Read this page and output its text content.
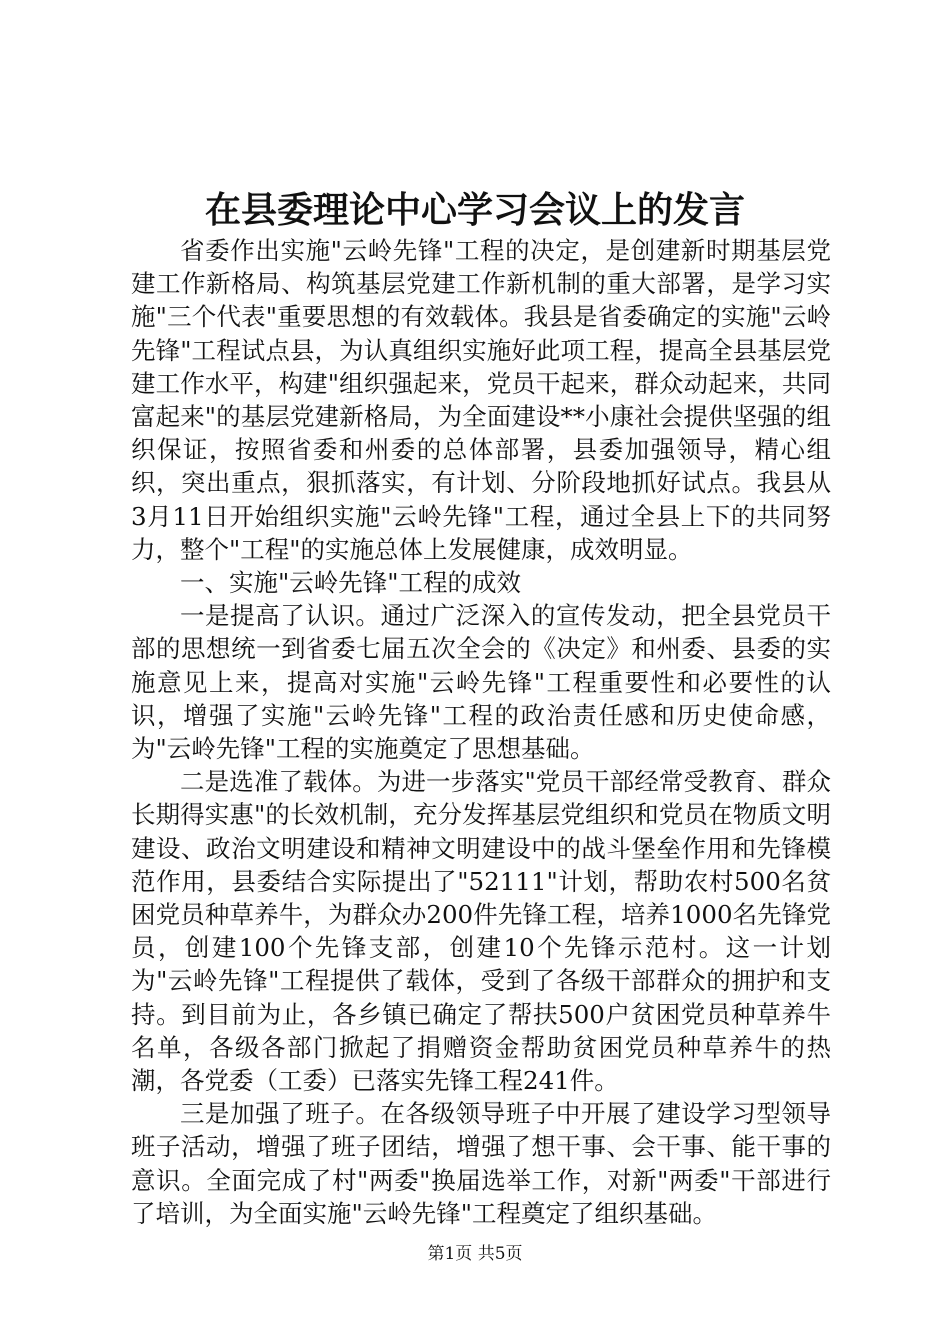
在县委理论中心学习会议上的发言

省委作出实施"云岭先锋"工程的决定，是创建新时期基层党建工作新格局、构筑基层党建工作新机制的重大部署，是学习实施"三个代表"重要思想的有效载体。我县是省委确定的实施"云岭先锋"工程试点县，为认真组织实施好此项工程，提高全县基层党建工作水平，构建"组织强起来，党员干起来，群众动起来，共同富起来"的基层党建新格局，为全面建设**小康社会提供坚强的组织保证，按照省委和州委的总体部署，县委加强领导，精心组织，突出重点，狠抓落实，有计划、分阶段地抓好试点。我县从3月11日开始组织实施"云岭先锋"工程，通过全县上下的共同努力，整个"工程"的实施总体上发展健康，成效明显。

一、实施"云岭先锋"工程的成效

一是提高了认识。通过广泛深入的宣传发动，把全县党员干部的思想统一到省委七届五次全会的《决定》和州委、县委的实施意见上来，提高对实施"云岭先锋"工程重要性和必要性的认识，增强了实施"云岭先锋"工程的政治责任感和历史使命感，为"云岭先锋"工程的实施奠定了思想基础。

二是选准了载体。为进一步落实"党员干部经常受教育、群众长期得实惠"的长效机制，充分发挥基层党组织和党员在物质文明建设、政治文明建设和精神文明建设中的战斗堡垒作用和先锋模范作用，县委结合实际提出了"52111"计划，帮助农村500名贫困党员种草养牛，为群众办200件先锋工程，培养1000名先锋党员，创建100个先锋支部，创建10个先锋示范村。这一计划为"云岭先锋"工程提供了载体，受到了各级干部群众的拥护和支持。到目前为止，各乡镇已确定了帮扶500户贫困党员种草养牛名单，各级各部门掀起了捐赠资金帮助贫困党员种草养牛的热潮，各党委（工委）已落实先锋工程241件。

三是加强了班子。在各级领导班子中开展了建设学习型领导班子活动，增强了班子团结，增强了想干事、会干事、能干事的意识。全面完成了村"两委"换届选举工作，对新"两委"干部进行了培训，为全面实施"云岭先锋"工程奠定了组织基础。

第1页 共5页
